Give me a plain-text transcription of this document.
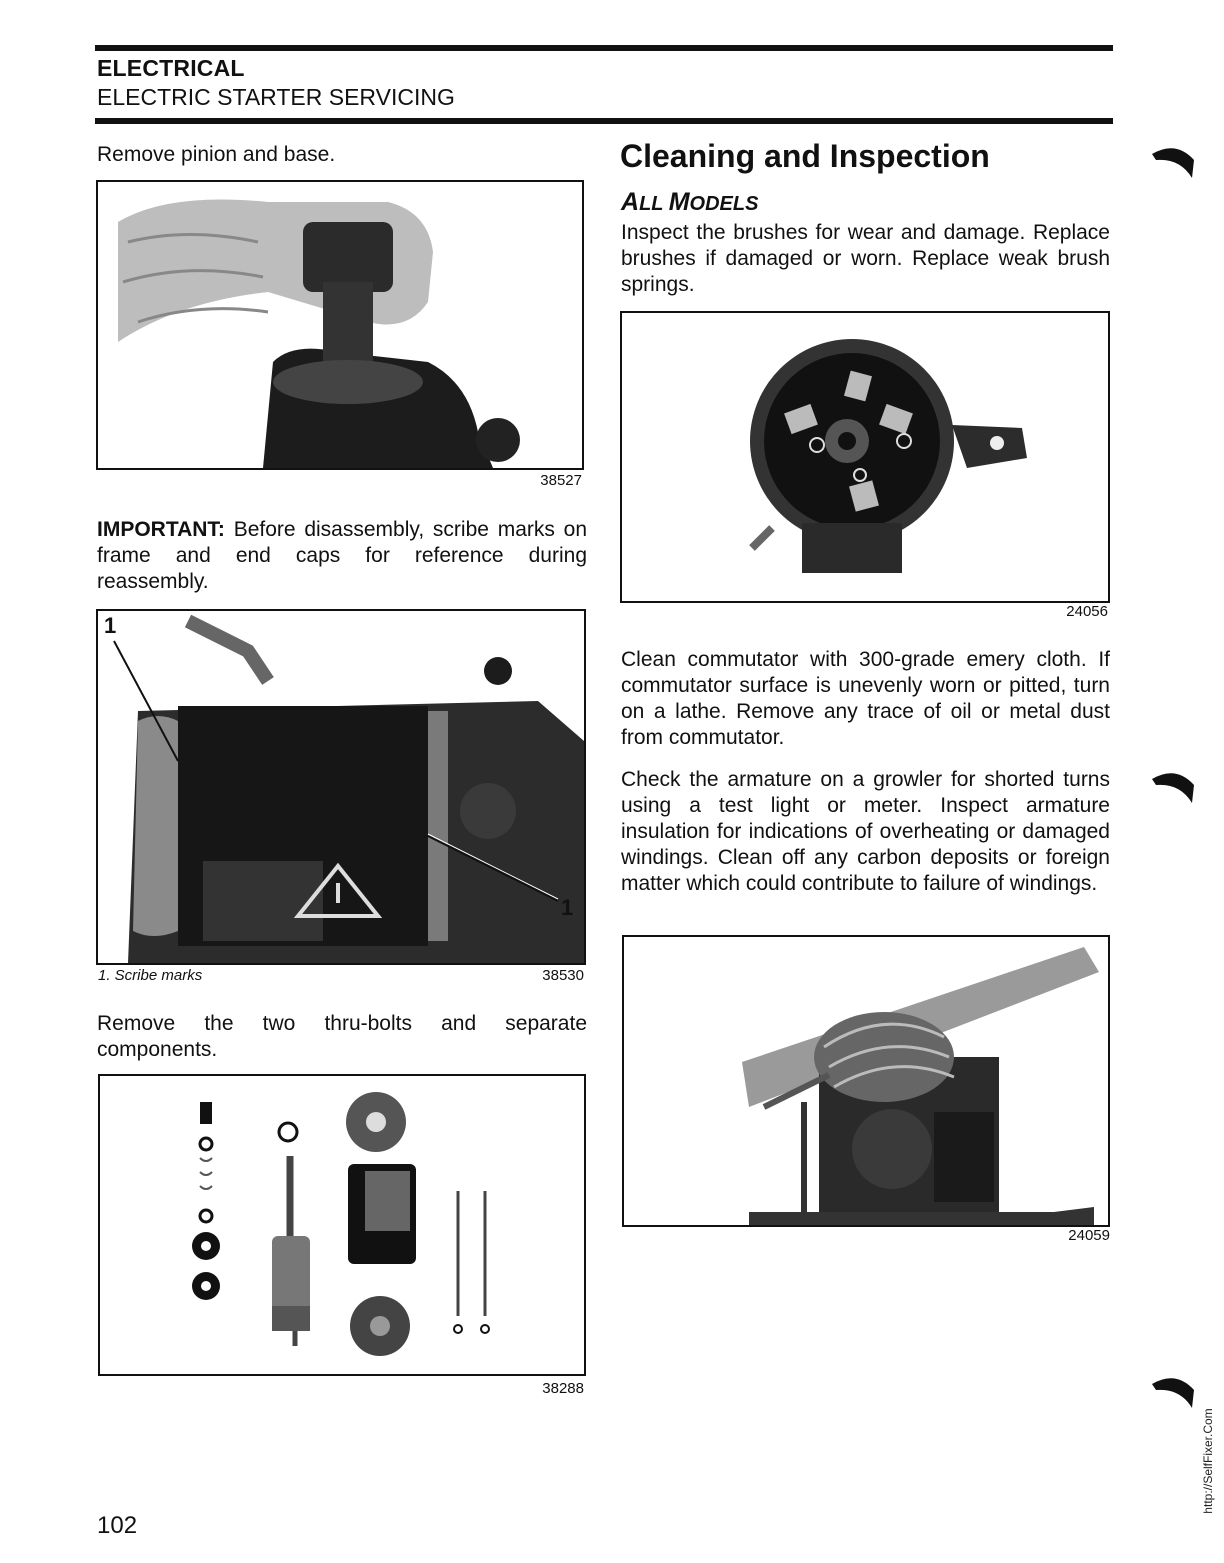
ELECTRICAL
ELECTRIC STARTER SERVICING
Remove pinion and base.
38527
IMPORTANT: Before disassembly, scribe marks on frame and end caps for reference during reassembly.
1
1
1. Scribe marks	38530
Remove the two thru-bolts and separate components.
38288
Cleaning and Inspection
ALL MODELS
Inspect the brushes for wear and damage. Replace brushes if damaged or worn. Replace weak brush springs.
24056
Clean commutator with 300-grade emery cloth. If commutator surface is unevenly worn or pitted, turn on a lathe. Remove any trace of oil or metal dust from commutator.
Check the armature on a growler for shorted turns using a test light or meter. Inspect armature insulation for indications of overheating or damaged windings. Clean off any carbon deposits or foreign matter which could contribute to failure of windings.
24059
102
http://SelfFixer.Com
